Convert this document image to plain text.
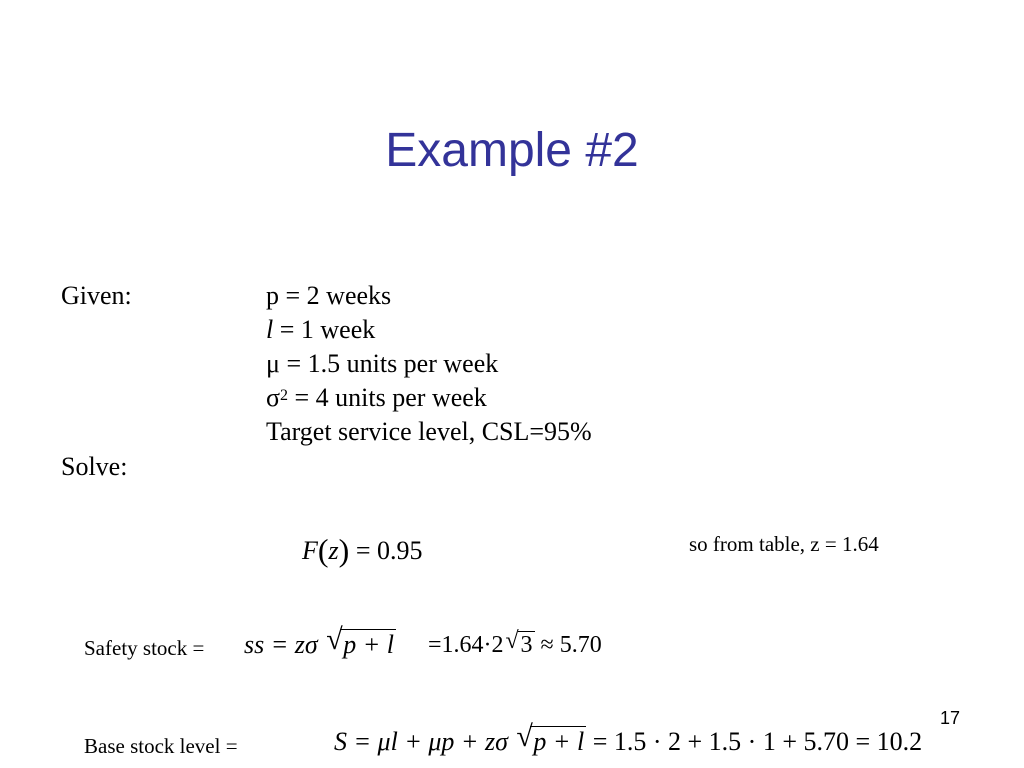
Example #2
Given:	p = 2 weeks
l = 1 week
μ = 1.5 units per week
$\sigma^2 = 4$ units per week
Target service level, CSL=95%
Solve:
F(z) = 0.95	so from table, z = 1.64
Safety stock = ss = zσ √ p + l =1.64·2 √ 3 ≈ 5.70
17
Base stock level =	S = μl + μp + zσ √ p + l = 1.5 · 2 + 1.5 · 1 + 5.70 = 10.2
